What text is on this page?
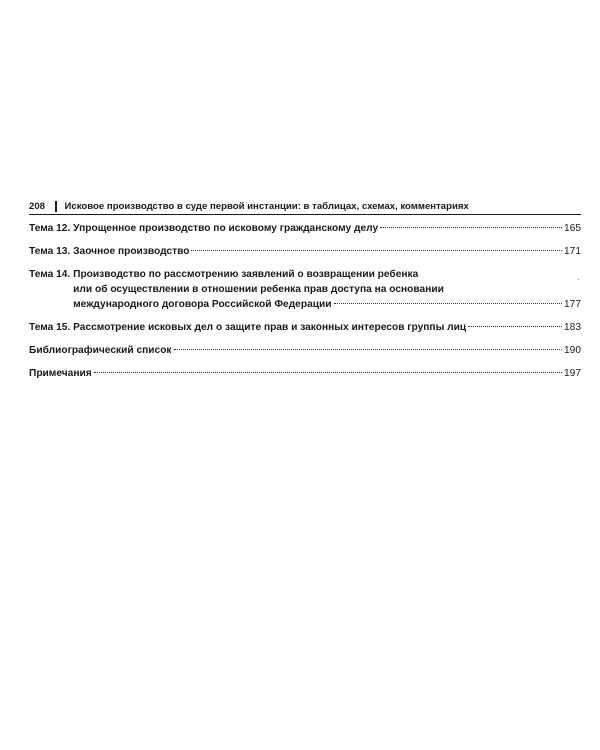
208	Исковое производство в суде первой инстанции: в таблицах, схемах, комментариях
Тема 12. Упрощенное производство по исковому гражданскому делу	165
Тема 13. Заочное производство	171
Тема 14. Производство по рассмотрению заявлений о возвращении ребенка
или об осуществлении в отношении ребенка прав доступа на основании
международного договора Российской Федерации	177
Тема 15. Рассмотрение исковых дел о защите прав и законных интересов группы лиц	183
Библиографический список	190
Примечания	197
